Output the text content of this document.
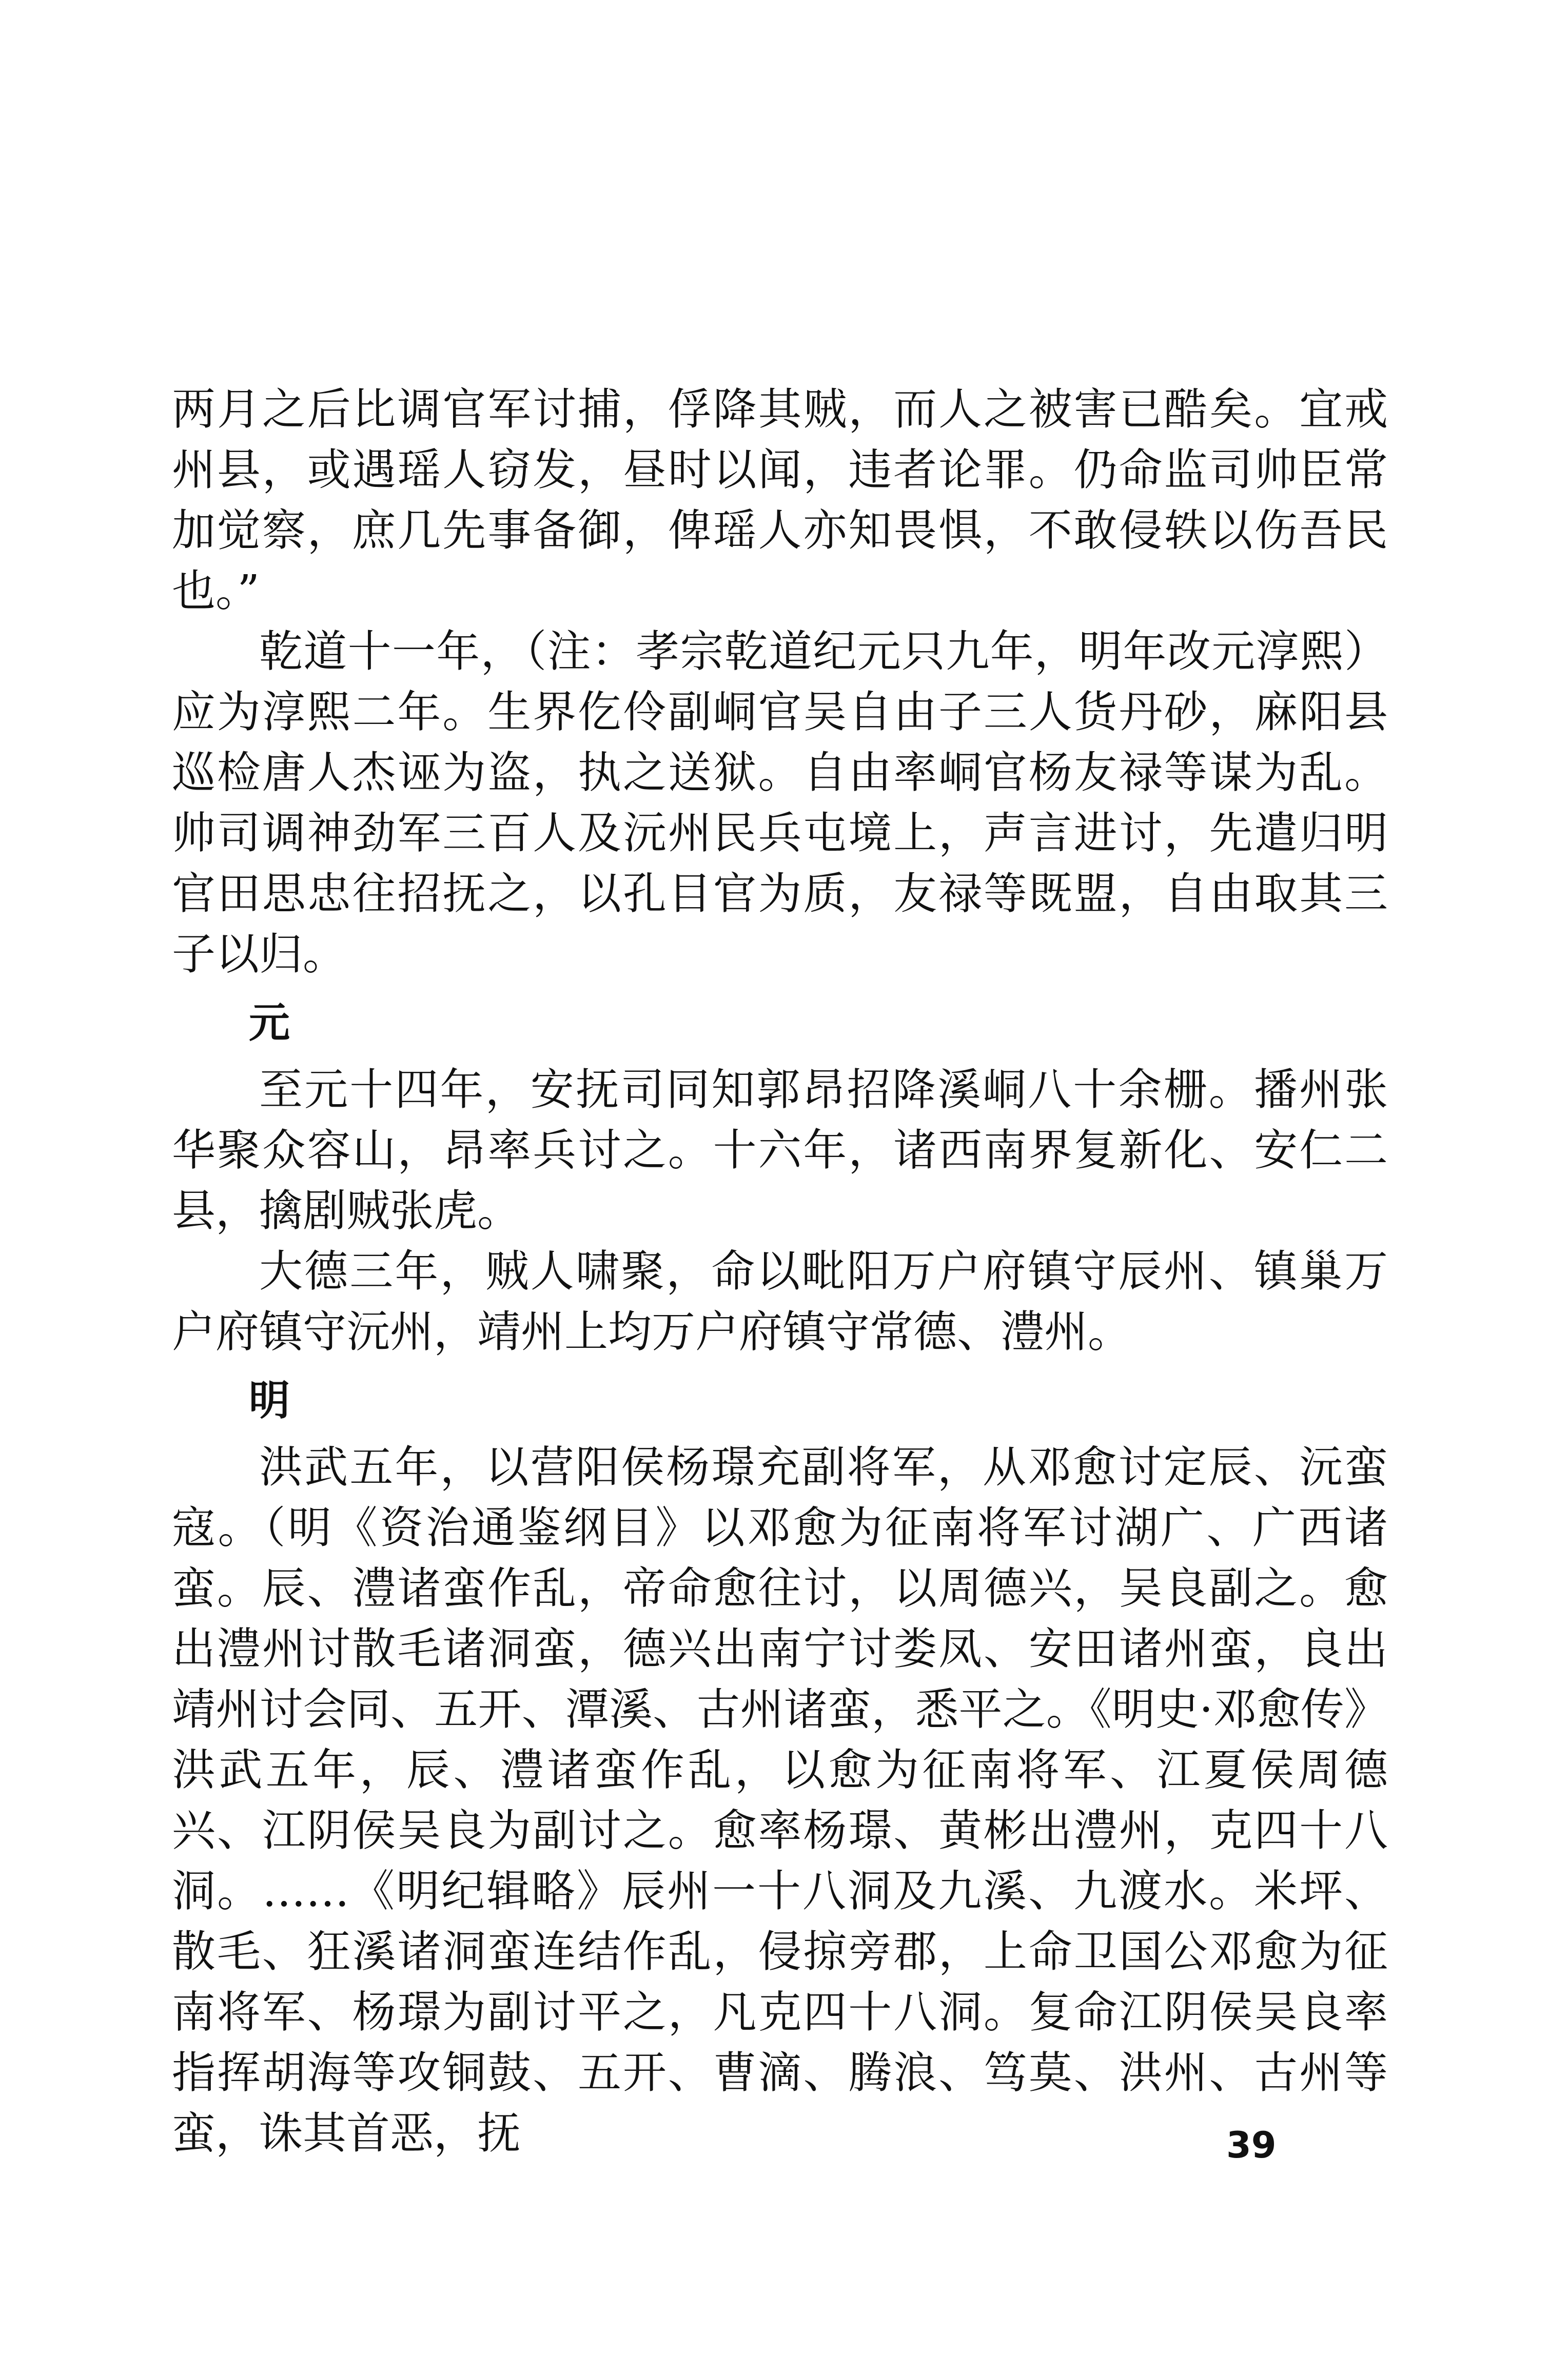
两月之后比调官军讨捕，俘降其贼，而人之被害已酷矣。宜戒州县，或遇瑶人窃发，昼时以闻，违者论罪。仍命监司帅臣常加觉察，庶几先事备御，俾瑶人亦知畏惧，不敢侵轶以伤吾民也。”

乾道十一年，（注：孝宗乾道纪元只九年，明年改元淳熙）应为淳熙二年。生界仡伶副峒官吴自由子三人货丹砂，麻阳县巡检唐人杰诬为盗，执之送狱。自由率峒官杨友禄等谋为乱。帅司调神劲军三百人及沅州民兵屯境上，声言进讨，先遣归明官田思忠往招抚之，以孔目官为质，友禄等既盟，自由取其三子以归。

元

至元十四年，安抚司同知郭昂招降溪峒八十余栅。播州张华聚众容山，昂率兵讨之。十六年，诸西南界复新化、安仁二县，擒剧贼张虎。

大德三年，贼人啸聚，命以毗阳万户府镇守辰州、镇巢万户府镇守沅州，靖州上均万户府镇守常德、澧州。

明

洪武五年，以营阳侯杨璟充副将军，从邓愈讨定辰、沅蛮寇。（明《资治通鉴纲目》以邓愈为征南将军讨湖广、广西诸蛮。辰、澧诸蛮作乱，帝命愈往讨，以周德兴，吴良副之。愈出澧州讨散毛诸洞蛮，德兴出南宁讨娄凤、安田诸州蛮，良出靖州讨会同、五开、潭溪、古州诸蛮，悉平之。《明史·邓愈传》洪武五年，辰、澧诸蛮作乱，以愈为征南将军、江夏侯周德兴、江阴侯吴良为副讨之。愈率杨璟、黄彬出澧州，克四十八洞。……《明纪辑略》辰州一十八洞及九溪、九渡水。米坪、散毛、狂溪诸洞蛮连结作乱，侵掠旁郡，上命卫国公邓愈为征南将军、杨璟为副讨平之，凡克四十八洞。复命江阴侯吴良率指挥胡海等攻铜鼓、五开、曹滴、腾浪、笃莫、洪州、古州等蛮，诛其首恶，抚	39
